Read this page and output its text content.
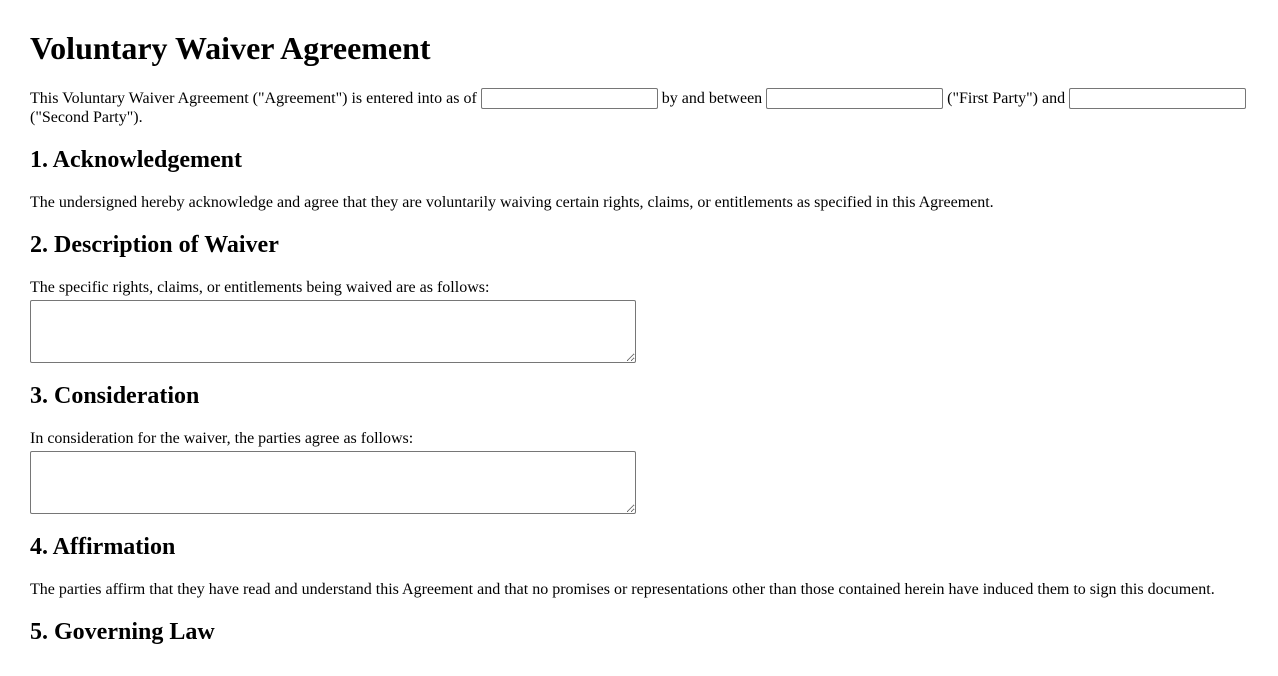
Voluntary Waiver Agreement

This Voluntary Waiver Agreement ("Agreement") is entered into as of	by and between	("First Party") and  ("Second Party").

1. Acknowledgement

The undersigned hereby acknowledge and agree that they are voluntarily waiving certain rights, claims, or entitlements as specified in this Agreement.

2. Description of Waiver

The specific rights, claims, or entitlements being waived are as follows:

3. Consideration

In consideration for the waiver, the parties agree as follows:

4. Affirmation

The parties affirm that they have read and understand this Agreement and that no promises or representations other than those contained herein have induced them to sign this document.

5. Governing Law
